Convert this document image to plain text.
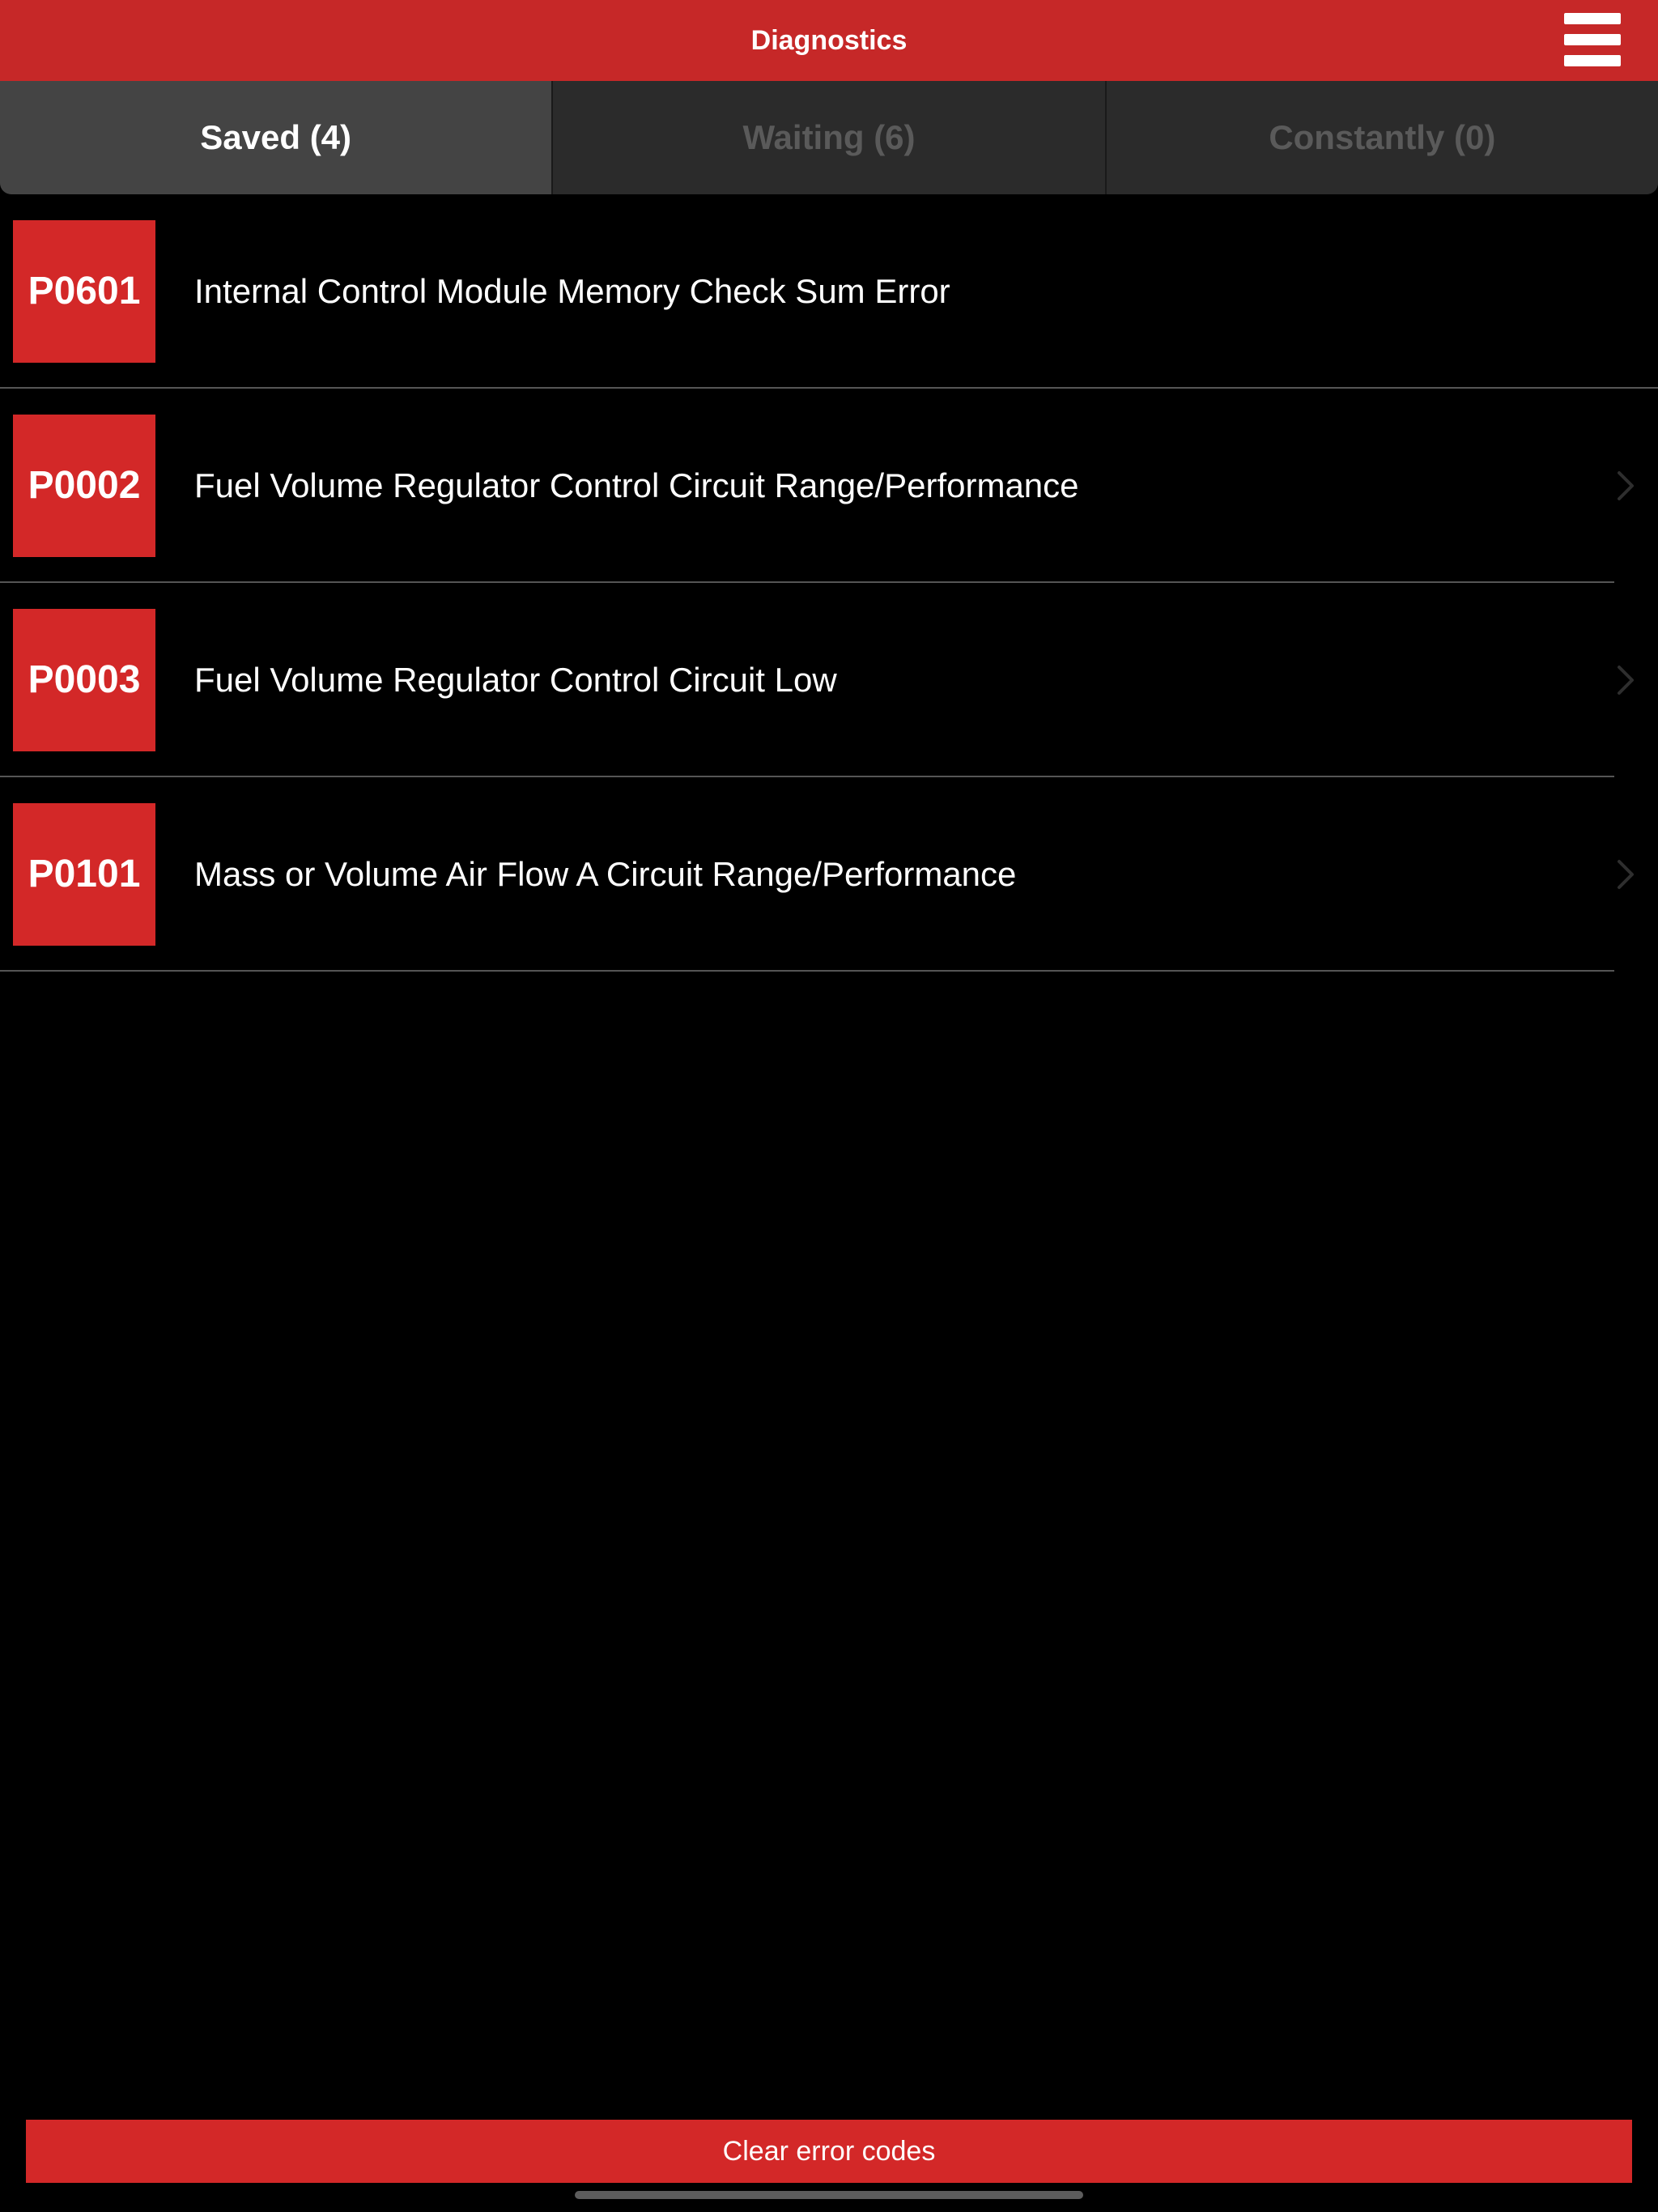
Diagnostics
Saved (4)	Waiting (6)	Constantly (0)
P0601	Internal Control Module Memory Check Sum Error
P0002	Fuel Volume Regulator Control Circuit Range/Performance
P0003	Fuel Volume Regulator Control Circuit Low
P0101	Mass or Volume Air Flow A Circuit Range/Performance
Clear error codes
